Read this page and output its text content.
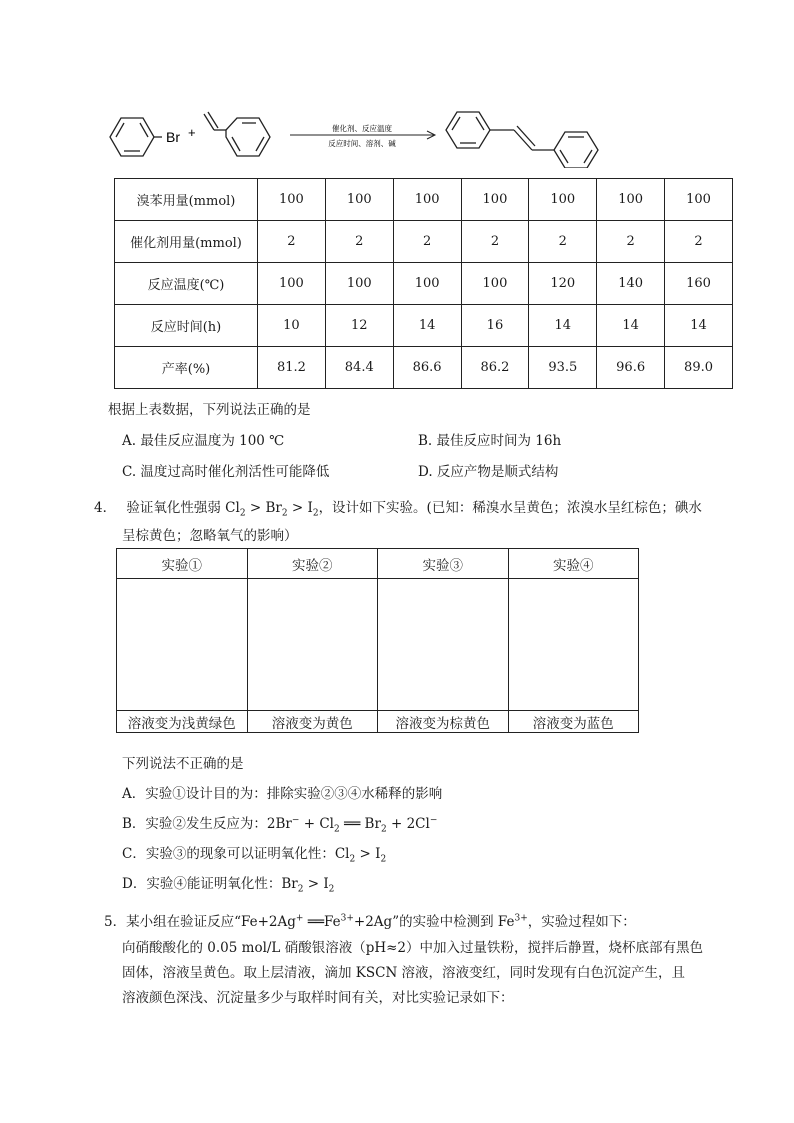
Br +	催化剂、反应温度
反应时间、溶剂、碱
溴苯用量(mmol)	100	100	100	100	100	100	100
催化剂用量(mmol)	2	2	2	2	2	2	2
反应温度(℃)	100	100	100	100	120	140	160
反应时间(h)	10	12	14	16	14	14	14
产率(%)	81.2	84.4	86.6	86.2	93.5	96.6	89.0
根据上表数据，下列说法正确的是
A. 最佳反应温度为 100 ℃	B. 最佳反应时间为 16h
C. 温度过高时催化剂活性可能降低	D. 反应产物是顺式结构
4． 验证氧化性强弱 $Cl_2 > Br_2 > I_2$，设计如下实验。(已知：稀溴水呈黄色；浓溴水呈红棕色；碘水
呈棕黄色；忽略氧气的影响）
实验①	实验②	实验③	实验④

溶液变为浅黄绿色	溶液变为黄色	溶液变为棕黄色	溶液变为蓝色
下列说法不正确的是
A．实验①设计目的为：排除实验②③④水稀释的影响
B．实验②发生反应为：$2Br^- + Cl_2$ ══ $Br_2 + 2Cl^-$
C．实验③的现象可以证明氧化性：$Cl_2 > I_2$
D．实验④能证明氧化性：$Br_2 > I_2$
5．某小组在验证反应“Fe+2Ag+ $══Fe^{3+}+2Ag$”的实验中检测到 $Fe^{3+}$，实验过程如下：
向硝酸酸化的 0.05 mol/L 硝酸银溶液（pH≈2）中加入过量铁粉，搅拌后静置，烧杯底部有黑色
固体，溶液呈黄色。取上层清液，滴加 KSCN 溶液，溶液变红，同时发现有白色沉淀产生，且
溶液颜色深浅、沉淀量多少与取样时间有关，对比实验记录如下：
